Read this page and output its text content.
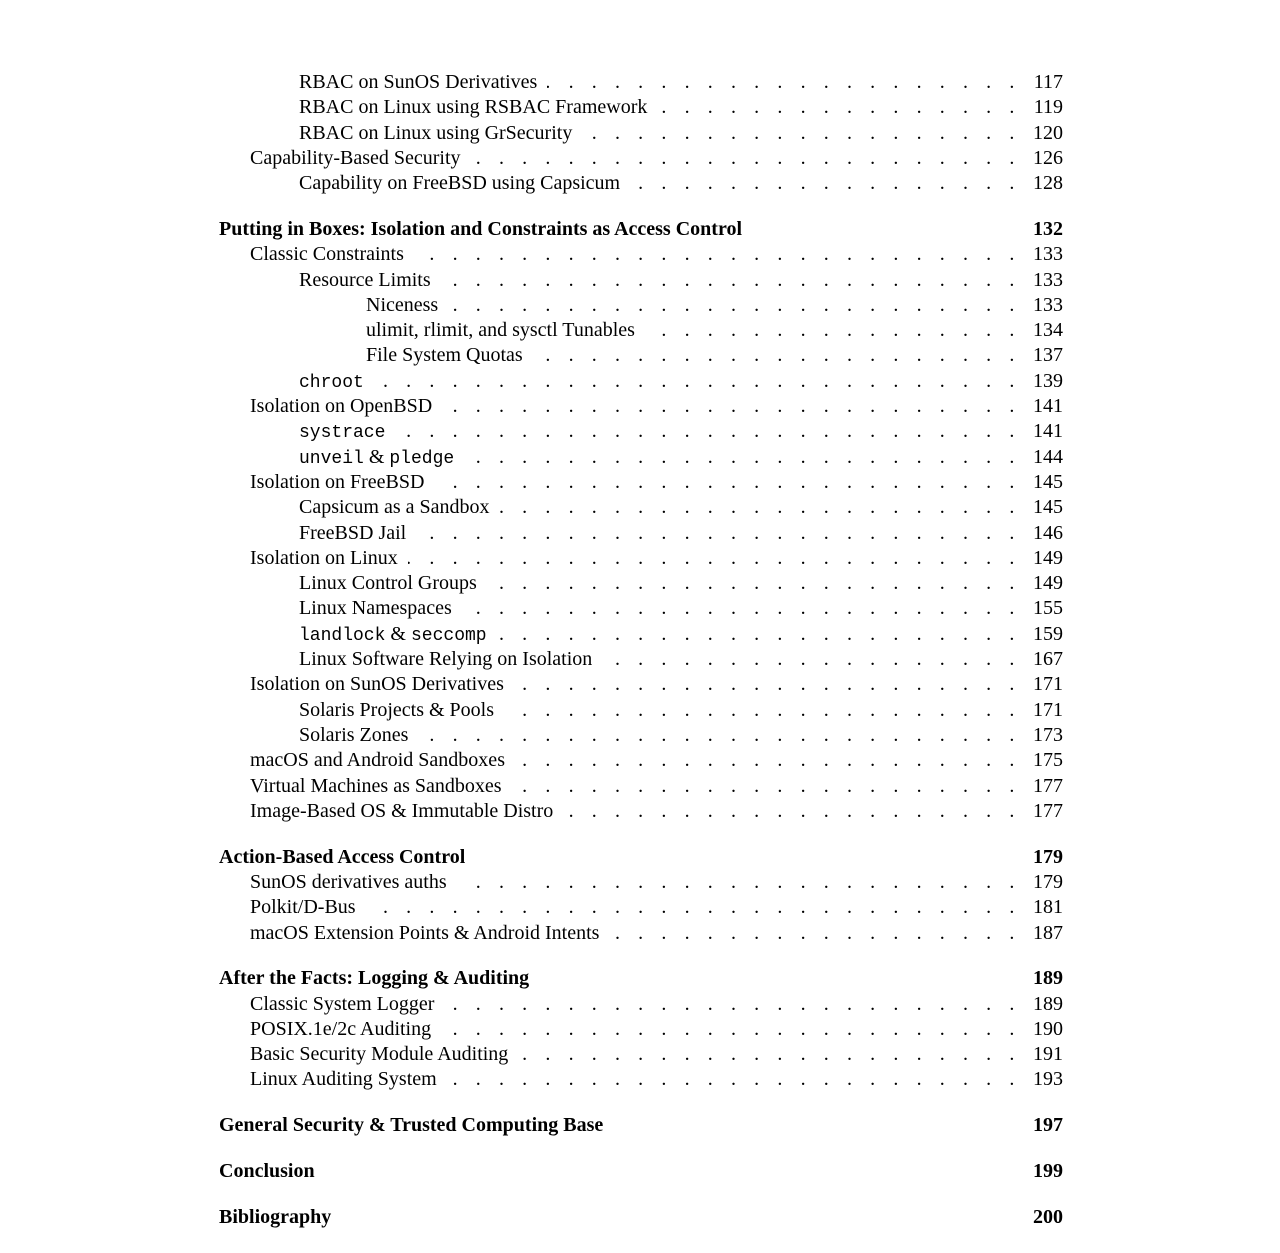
RBAC on SunOS Derivatives . . .	117
RBAC on Linux using RSBAC Framework . . .	119
RBAC on Linux using GrSecurity . . .	120
Capability-Based Security . . .	126
Capability on FreeBSD using Capsicum . . .	128
Putting in Boxes: Isolation and Constraints as Access Control	132
Classic Constraints . . .	133
Resource Limits . . .	133
Niceness . . .	133
ulimit, rlimit, and sysctl Tunables . . .	134
File System Quotas . . .	137
chroot . . .	139
Isolation on OpenBSD . . .	141
systrace . . .	141
unveil & pledge . . .	144
Isolation on FreeBSD . . .	145
Capsicum as a Sandbox . . .	145
FreeBSD Jail . . .	146
Isolation on Linux . . .	149
Linux Control Groups . . .	149
Linux Namespaces . . .	155
landlock & seccomp . . .	159
Linux Software Relying on Isolation . . .	167
Isolation on SunOS Derivatives . . .	171
Solaris Projects & Pools . . .	171
Solaris Zones . . .	173
macOS and Android Sandboxes . . .	175
Virtual Machines as Sandboxes . . .	177
Image-Based OS & Immutable Distro . . .	177
Action-Based Access Control	179
SunOS derivatives auths . . .	179
Polkit/D-Bus . . .	181
macOS Extension Points & Android Intents . . .	187
After the Facts: Logging & Auditing	189
Classic System Logger . . .	189
POSIX.1e/2c Auditing . . .	190
Basic Security Module Auditing . . .	191
Linux Auditing System . . .	193
General Security & Trusted Computing Base	197
Conclusion	199
Bibliography	200
